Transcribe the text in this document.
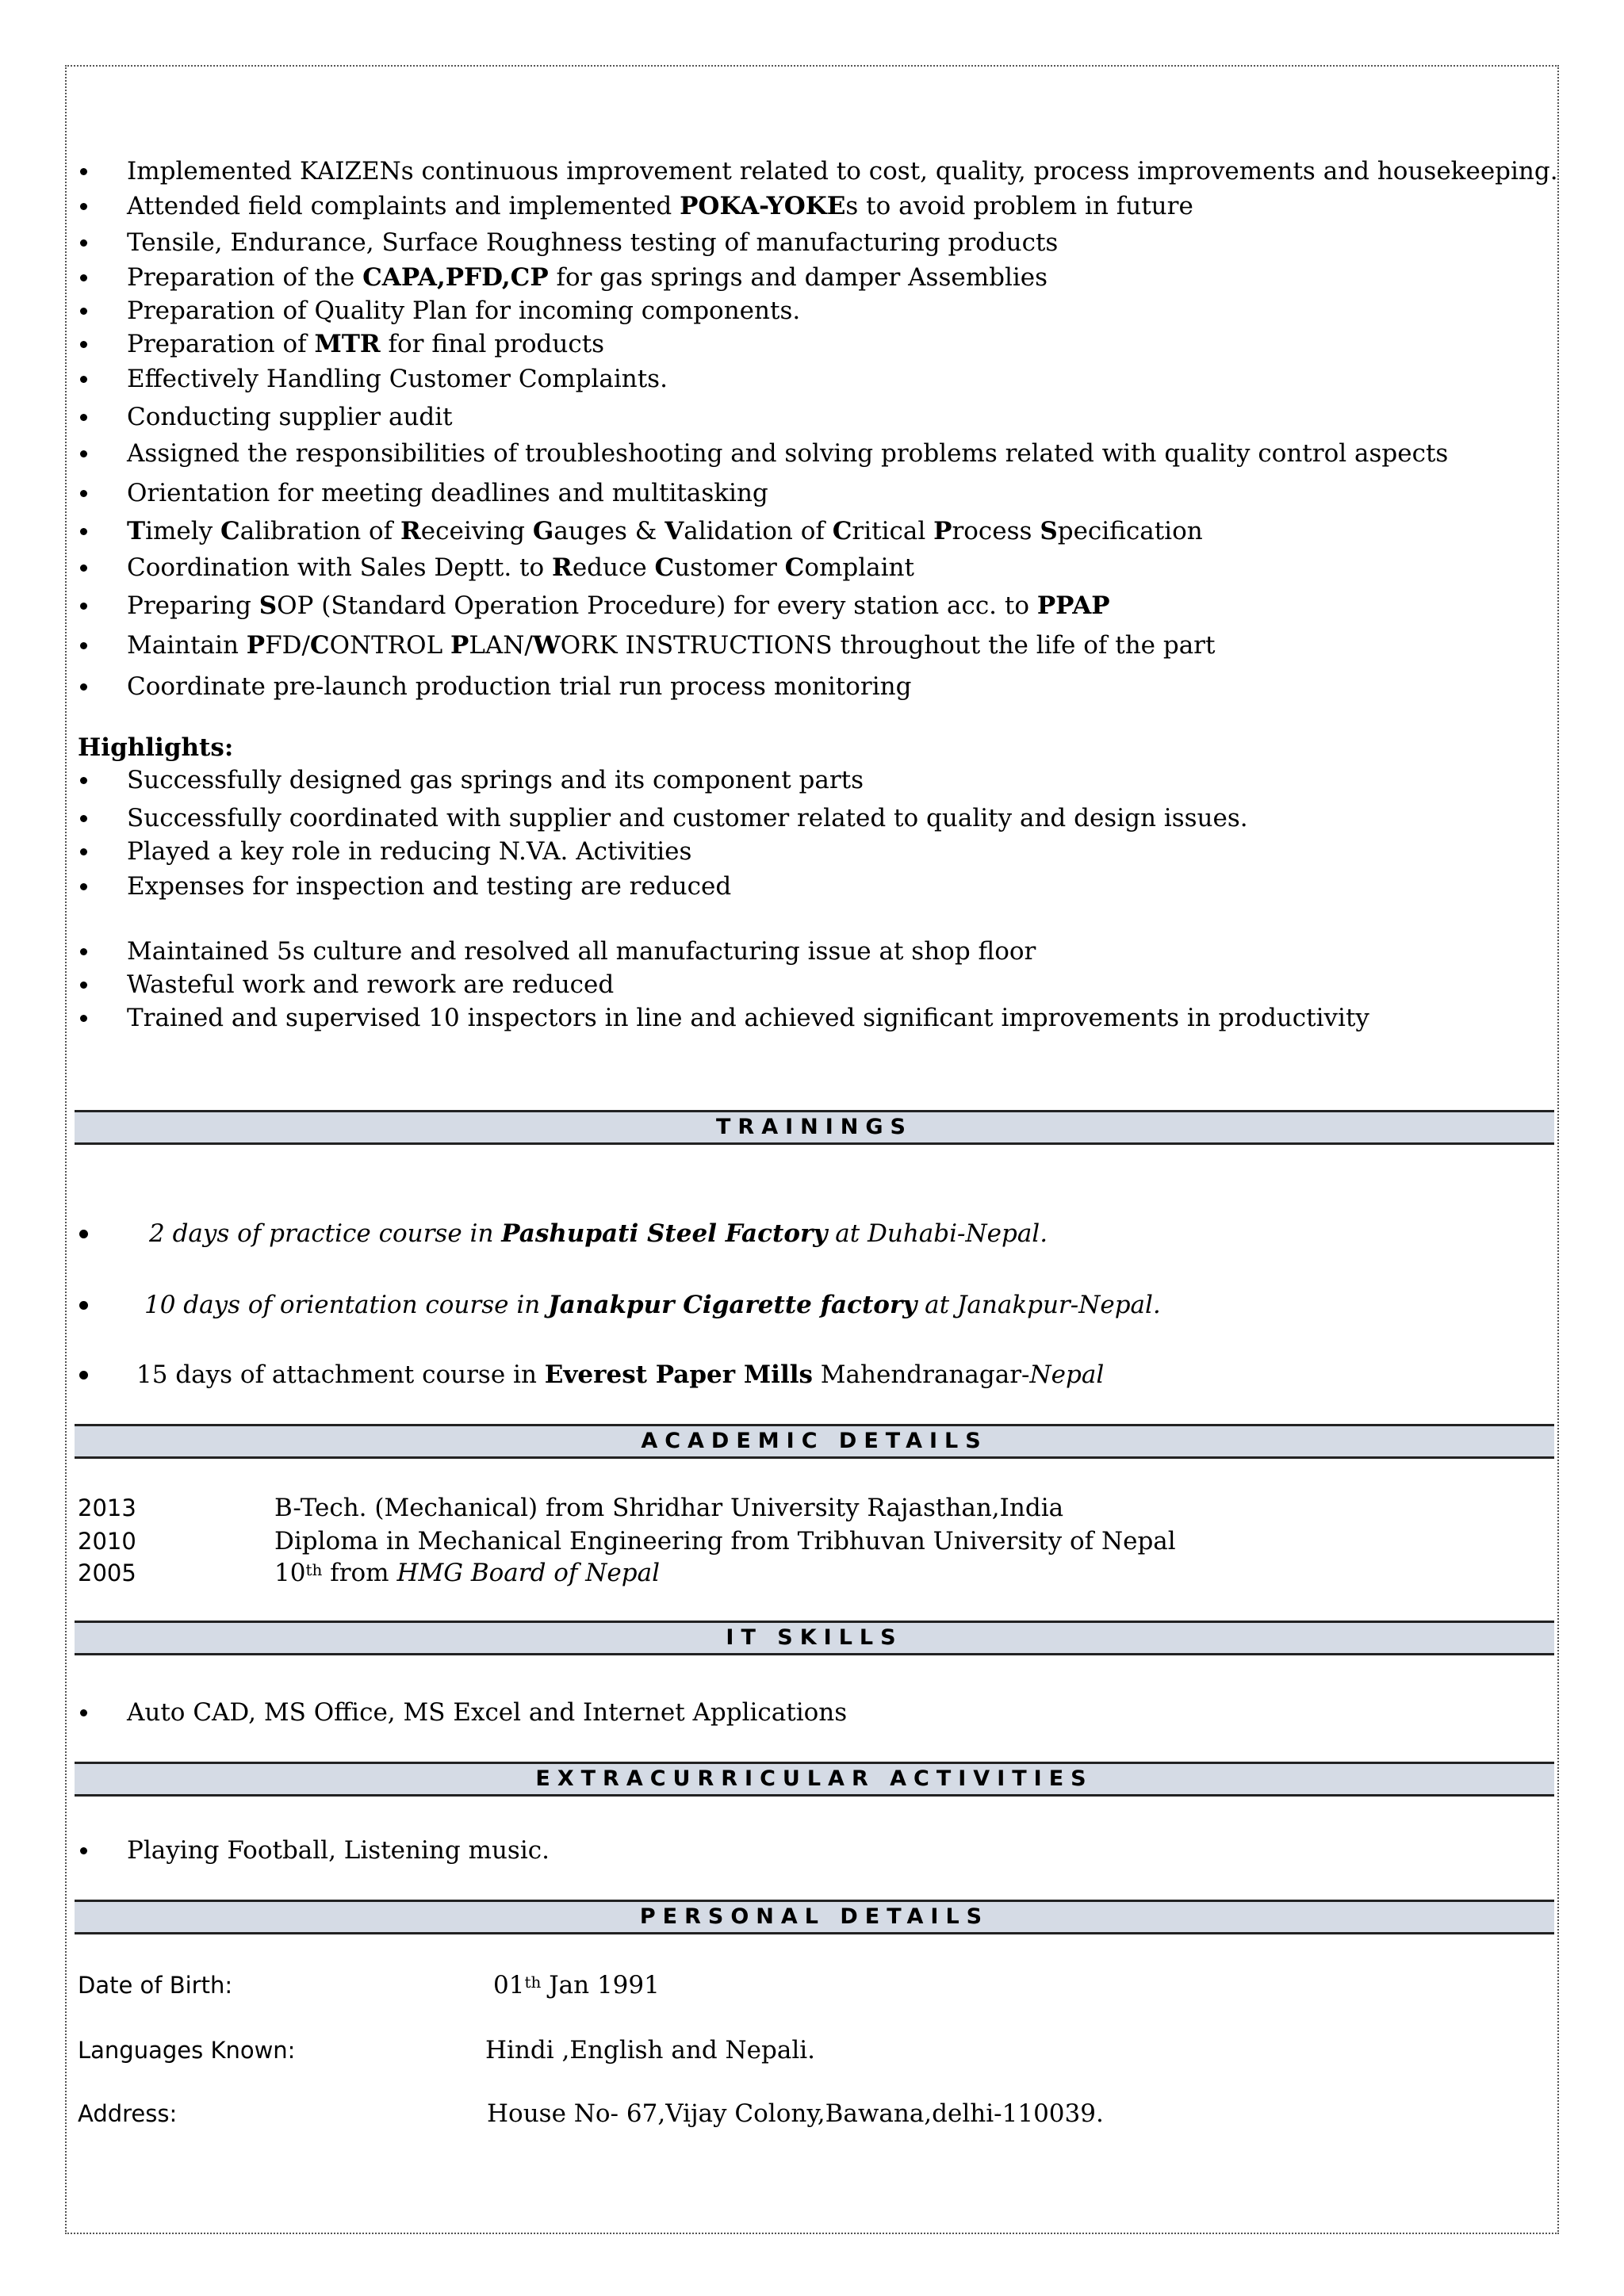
Implemented KAIZENs continuous improvement related to cost, quality, process improvements and housekeeping.
Attended field complaints and implemented POKA-YOKEs to avoid problem in future
Tensile, Endurance, Surface Roughness testing of manufacturing products
Preparation of the CAPA,PFD,CP for gas springs and damper Assemblies
Preparation of Quality Plan for incoming components.
Preparation of MTR for final products
Effectively Handling Customer Complaints.
Conducting supplier audit
Assigned the responsibilities of troubleshooting and solving problems related with quality control aspects
Orientation for meeting deadlines and multitasking
Timely Calibration of Receiving Gauges & Validation of Critical Process Specification
Coordination with Sales Deptt. to Reduce Customer Complaint
Preparing SOP (Standard Operation Procedure) for every station acc. to PPAP
Maintain PFD/CONTROL PLAN/WORK INSTRUCTIONS throughout the life of the part
Coordinate pre-launch production trial run process monitoring
Highlights:
Successfully designed gas springs and its component parts
Successfully coordinated with supplier and customer related to quality and design issues.
Played a key role in reducing N.VA. Activities
Expenses for inspection and testing are reduced
Maintained 5s culture and resolved all manufacturing issue at shop floor
Wasteful work and rework are reduced
Trained and supervised 10 inspectors in line and achieved significant improvements in productivity
TRAININGS
2 days of practice course in Pashupati Steel Factory at Duhabi-Nepal.
10 days of orientation course in Janakpur Cigarette factory at Janakpur-Nepal.
15 days of attachment course in Everest Paper Mills Mahendranagar-Nepal
ACADEMIC DETAILS
2013	B-Tech. (Mechanical) from Shridhar University Rajasthan,India
2010	Diploma in Mechanical Engineering from Tribhuvan University of Nepal
2005	10th from HMG Board of Nepal
IT SKILLS
Auto CAD, MS Office, MS Excel and Internet Applications
EXTRACURRICULAR ACTIVITIES
Playing Football, Listening music.
PERSONAL DETAILS
Date of Birth:	01th Jan 1991
Languages Known:	Hindi ,English and Nepali.
Address:	House No- 67,Vijay Colony,Bawana,delhi-110039.
